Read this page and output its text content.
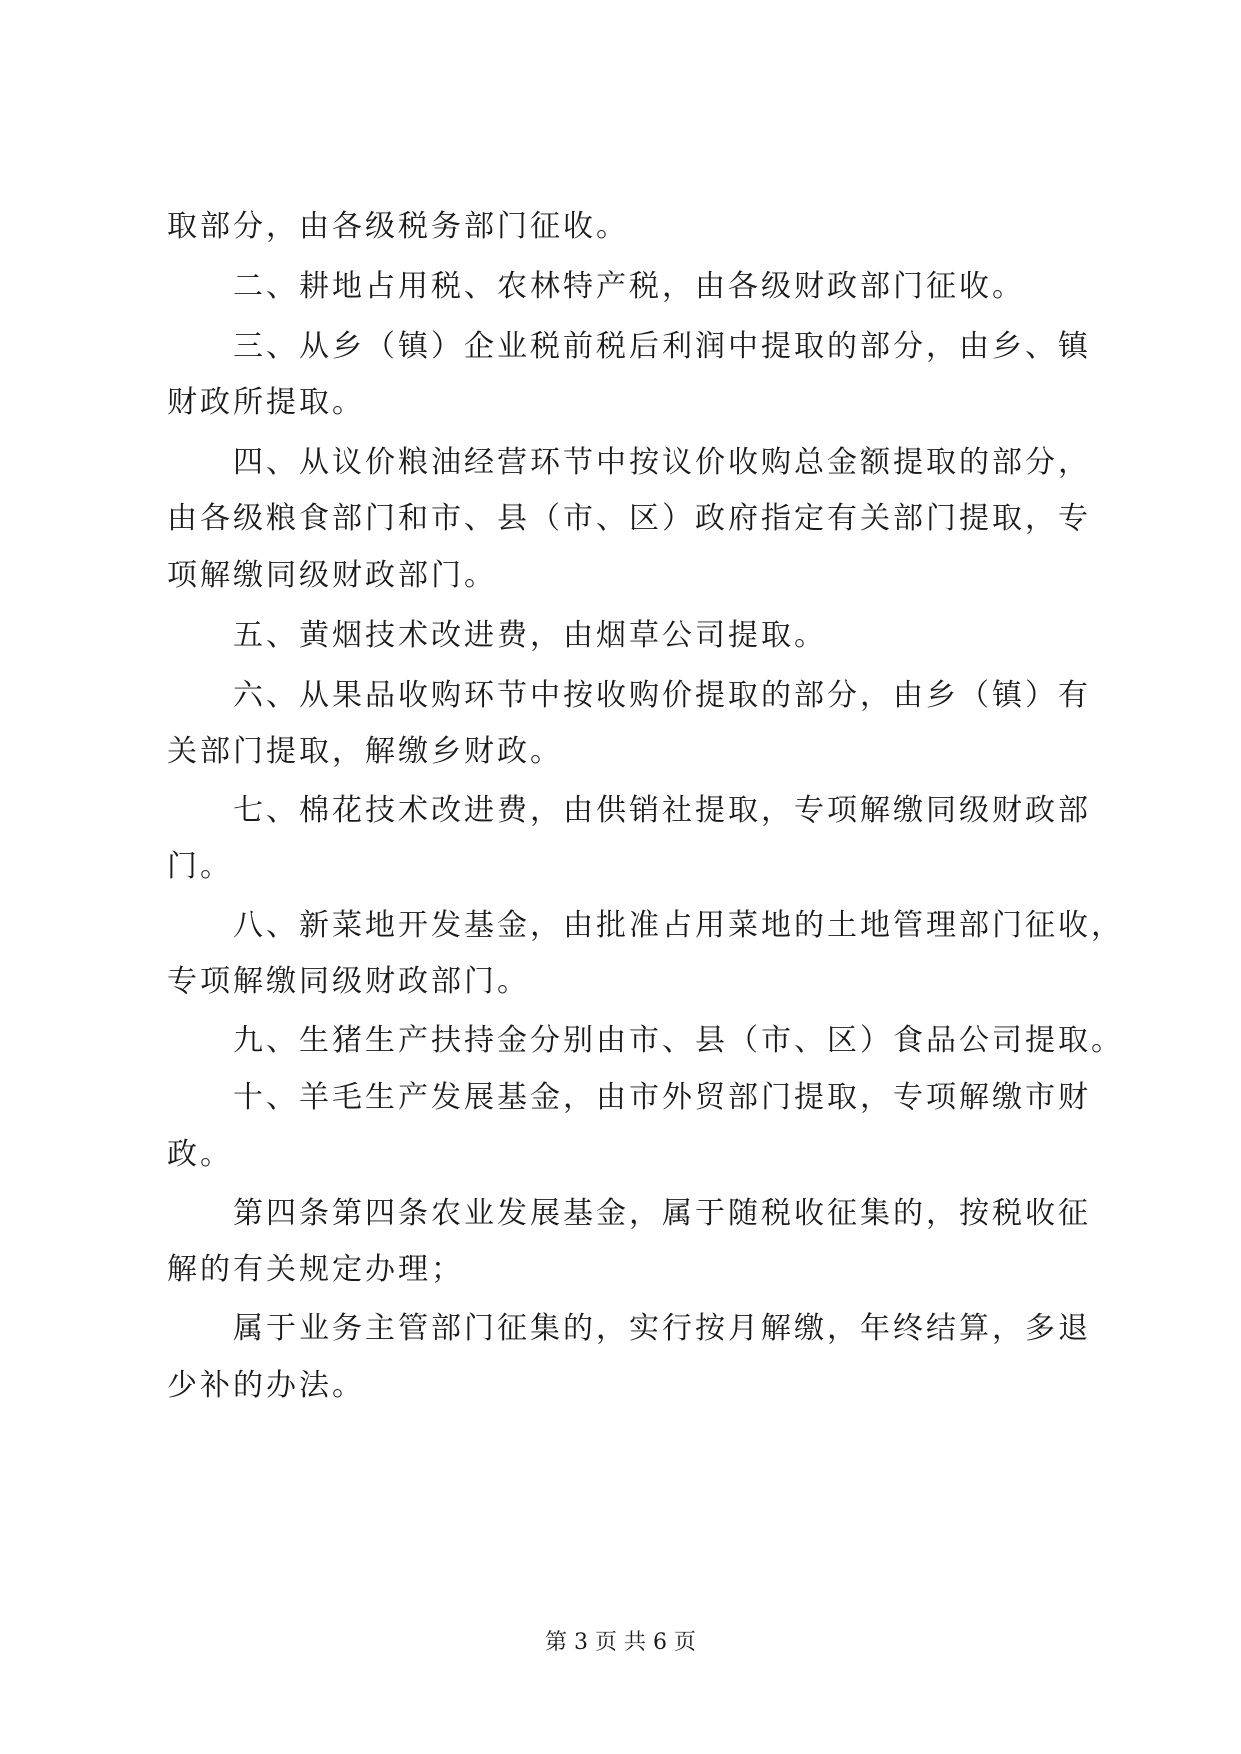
取部分，由各级税务部门征收。
二、耕地占用税、农林特产税，由各级财政部门征收。
三、从乡（镇）企业税前税后利润中提取的部分，由乡、镇
财政所提取。
四、从议价粮油经营环节中按议价收购总金额提取的部分，
由各级粮食部门和市、县（市、区）政府指定有关部门提取，专
项解缴同级财政部门。
五、黄烟技术改进费，由烟草公司提取。
六、从果品收购环节中按收购价提取的部分，由乡（镇）有
关部门提取，解缴乡财政。
七、棉花技术改进费，由供销社提取，专项解缴同级财政部
门。
八、新菜地开发基金，由批准占用菜地的土地管理部门征收，
专项解缴同级财政部门。
九、生猪生产扶持金分别由市、县（市、区）食品公司提取。
十、羊毛生产发展基金，由市外贸部门提取，专项解缴市财
政。
第四条第四条农业发展基金，属于随税收征集的，按税收征
解的有关规定办理；
属于业务主管部门征集的，实行按月解缴，年终结算，多退
少补的办法。
第 3 页 共 6 页
